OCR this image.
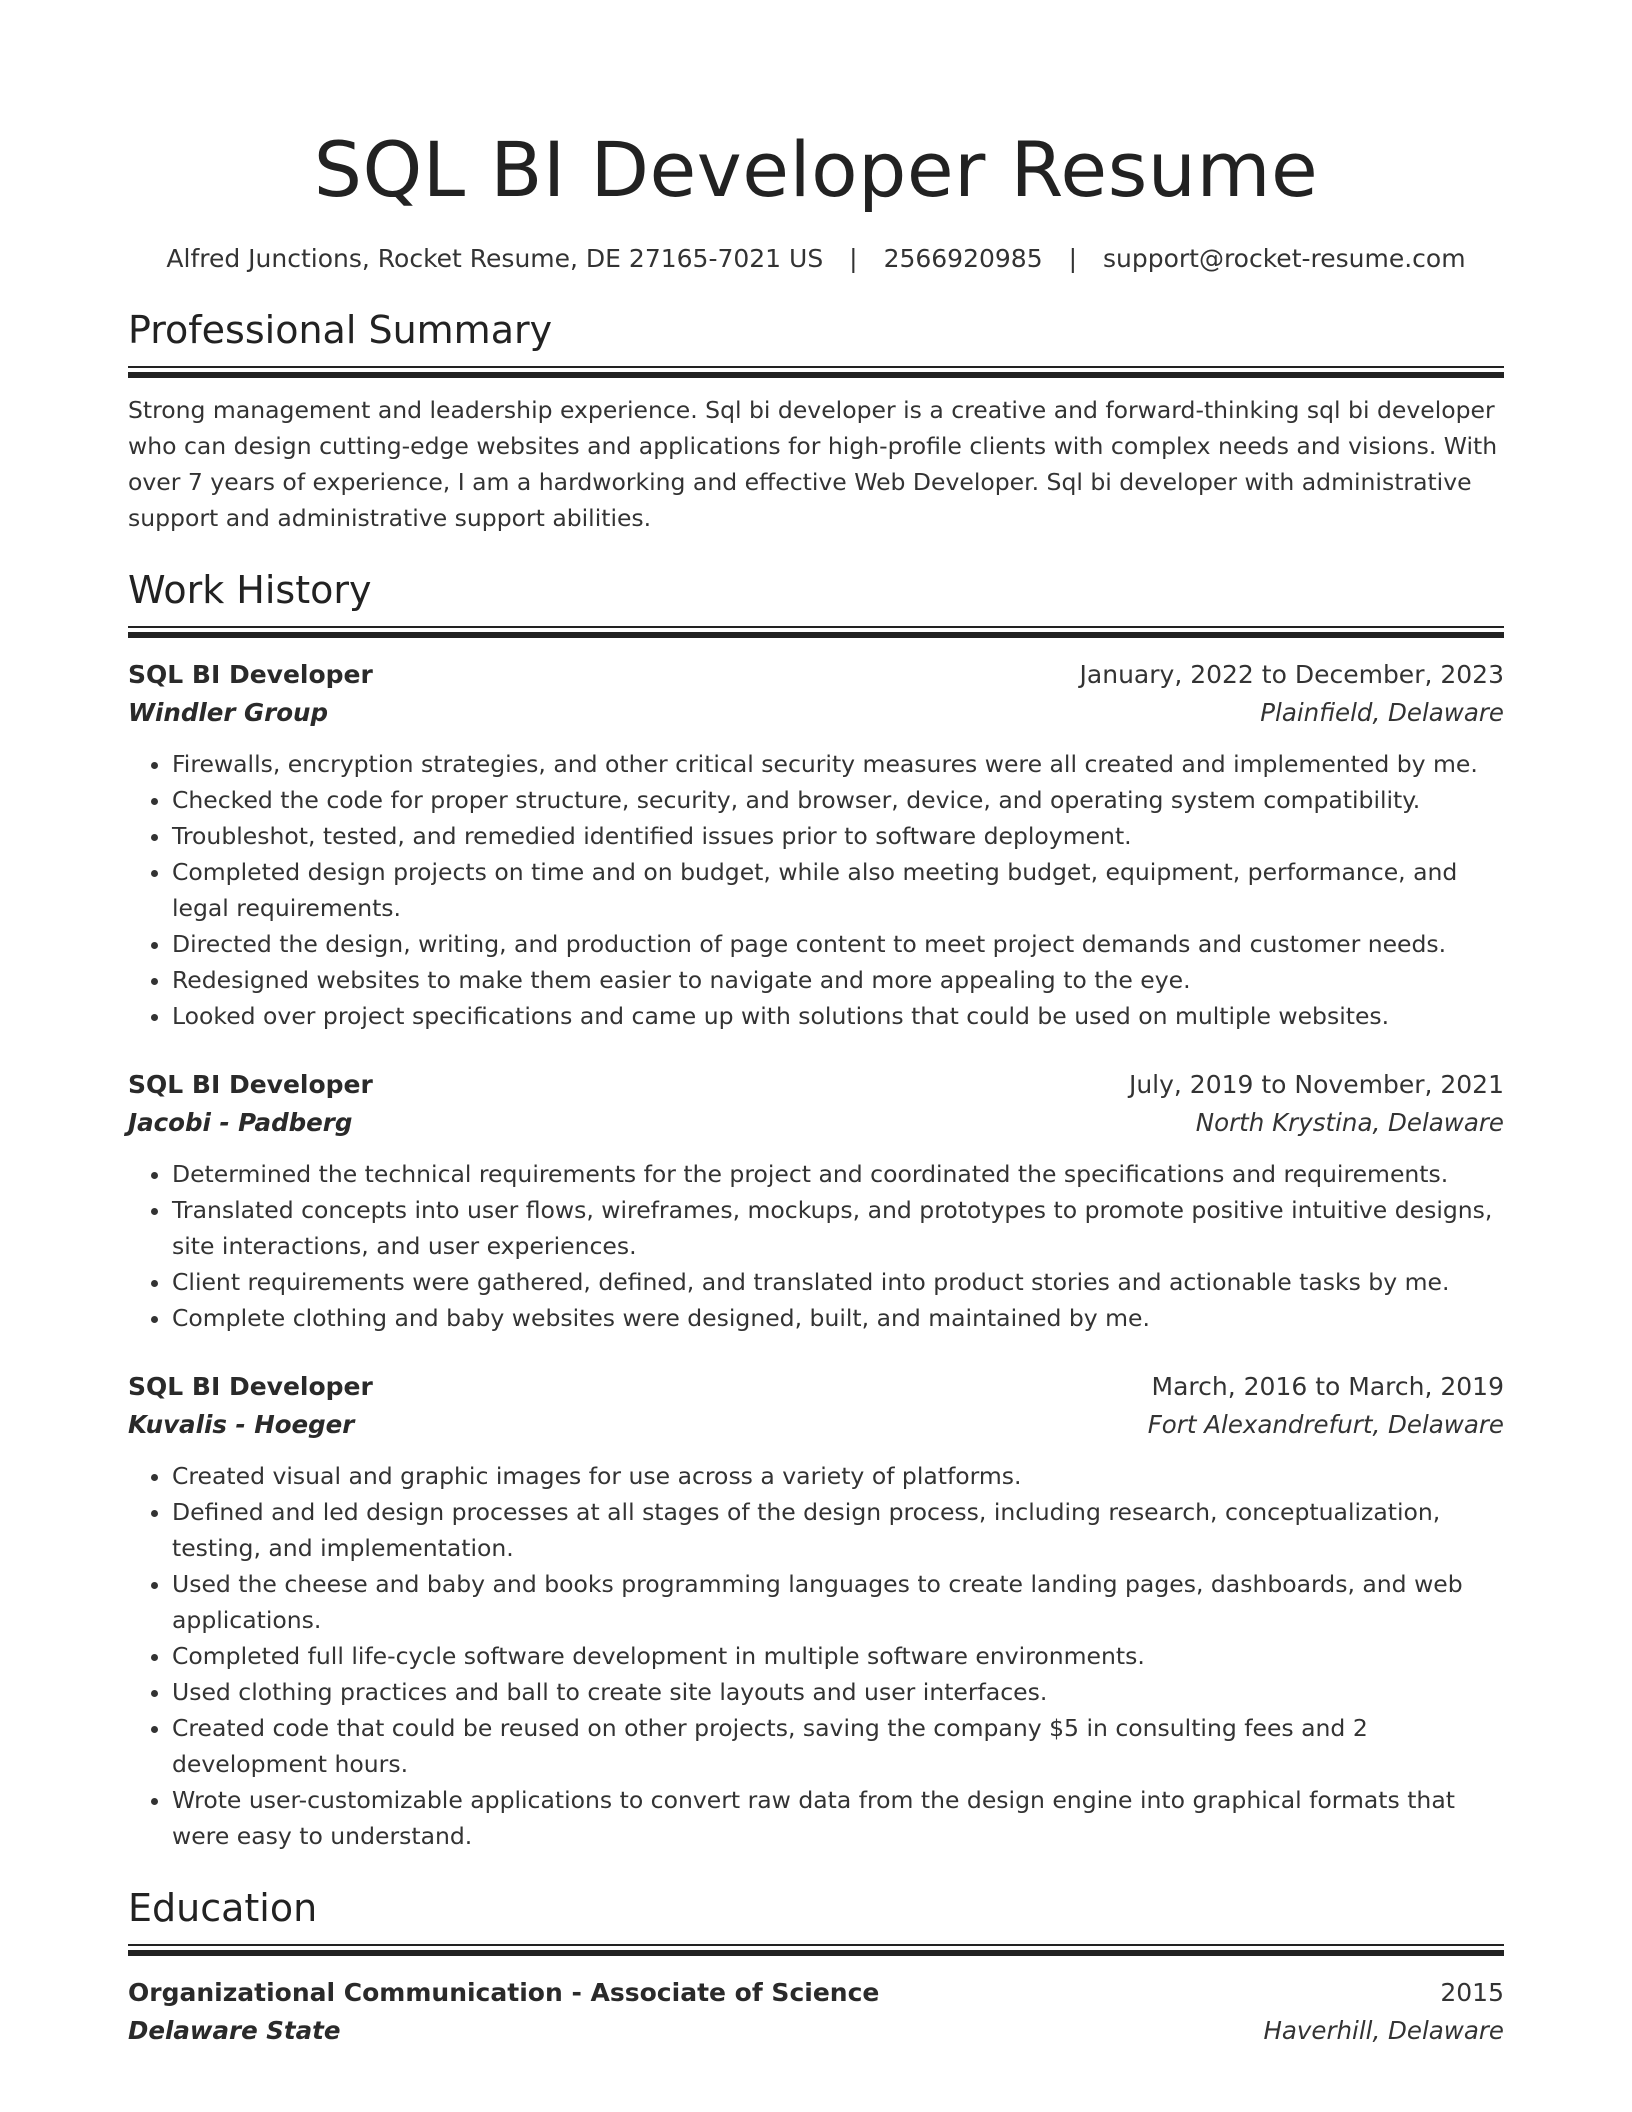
SQL BI Developer Resume
Alfred Junctions, Rocket Resume, DE 27165-7021 US | 2566920985 | support@rocket-resume.com
Professional Summary
Strong management and leadership experience. Sql bi developer is a creative and forward-thinking sql bi developer who can design cutting-edge websites and applications for high-profile clients with complex needs and visions. With over 7 years of experience, I am a hardworking and effective Web Developer. Sql bi developer with administrative support and administrative support abilities.
Work History
SQL BI Developer	January, 2022 to December, 2023
Windler Group	Plainfield, Delaware
• Firewalls, encryption strategies, and other critical security measures were all created and implemented by me.
• Checked the code for proper structure, security, and browser, device, and operating system compatibility.
• Troubleshot, tested, and remedied identified issues prior to software deployment.
• Completed design projects on time and on budget, while also meeting budget, equipment, performance, and legal requirements.
• Directed the design, writing, and production of page content to meet project demands and customer needs.
• Redesigned websites to make them easier to navigate and more appealing to the eye.
• Looked over project specifications and came up with solutions that could be used on multiple websites.
SQL BI Developer	July, 2019 to November, 2021
Jacobi - Padberg	North Krystina, Delaware
• Determined the technical requirements for the project and coordinated the specifications and requirements.
• Translated concepts into user flows, wireframes, mockups, and prototypes to promote positive intuitive designs, site interactions, and user experiences.
• Client requirements were gathered, defined, and translated into product stories and actionable tasks by me.
• Complete clothing and baby websites were designed, built, and maintained by me.
SQL BI Developer	March, 2016 to March, 2019
Kuvalis - Hoeger	Fort Alexandrefurt, Delaware
• Created visual and graphic images for use across a variety of platforms.
• Defined and led design processes at all stages of the design process, including research, conceptualization, testing, and implementation.
• Used the cheese and baby and books programming languages to create landing pages, dashboards, and web applications.
• Completed full life-cycle software development in multiple software environments.
• Used clothing practices and ball to create site layouts and user interfaces.
• Created code that could be reused on other projects, saving the company $5 in consulting fees and 2 development hours.
• Wrote user-customizable applications to convert raw data from the design engine into graphical formats that were easy to understand.
Education
Organizational Communication - Associate of Science	2015
Delaware State	Haverhill, Delaware
